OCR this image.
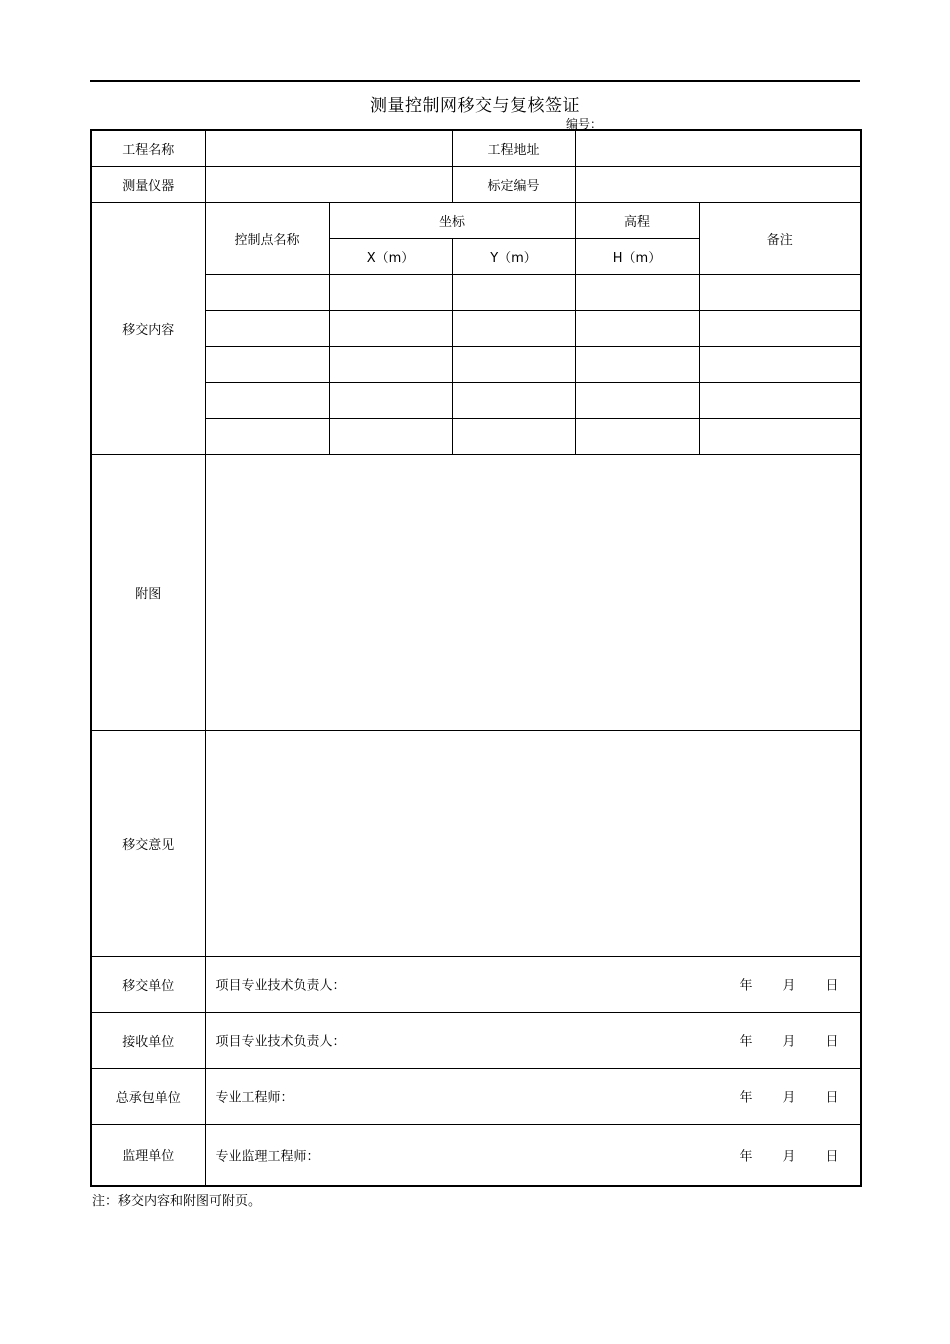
测量控制网移交与复核签证
编号：
工程名称			工程地址		
测量仪器			标定编号		
移交内容	控制点名称	坐标		高程	备注
		X（m）	Y（m）	H（m）	

附图					
移交意见					
移交单位	项目专业技术负责人： 年 月 日				

接收单位	项目专业技术负责人： 年 月 日				

总承包单位	专业工程师： 年 月 日				

监理单位	专业监理工程师： 年 月 日				
注：移交内容和附图可附页。
